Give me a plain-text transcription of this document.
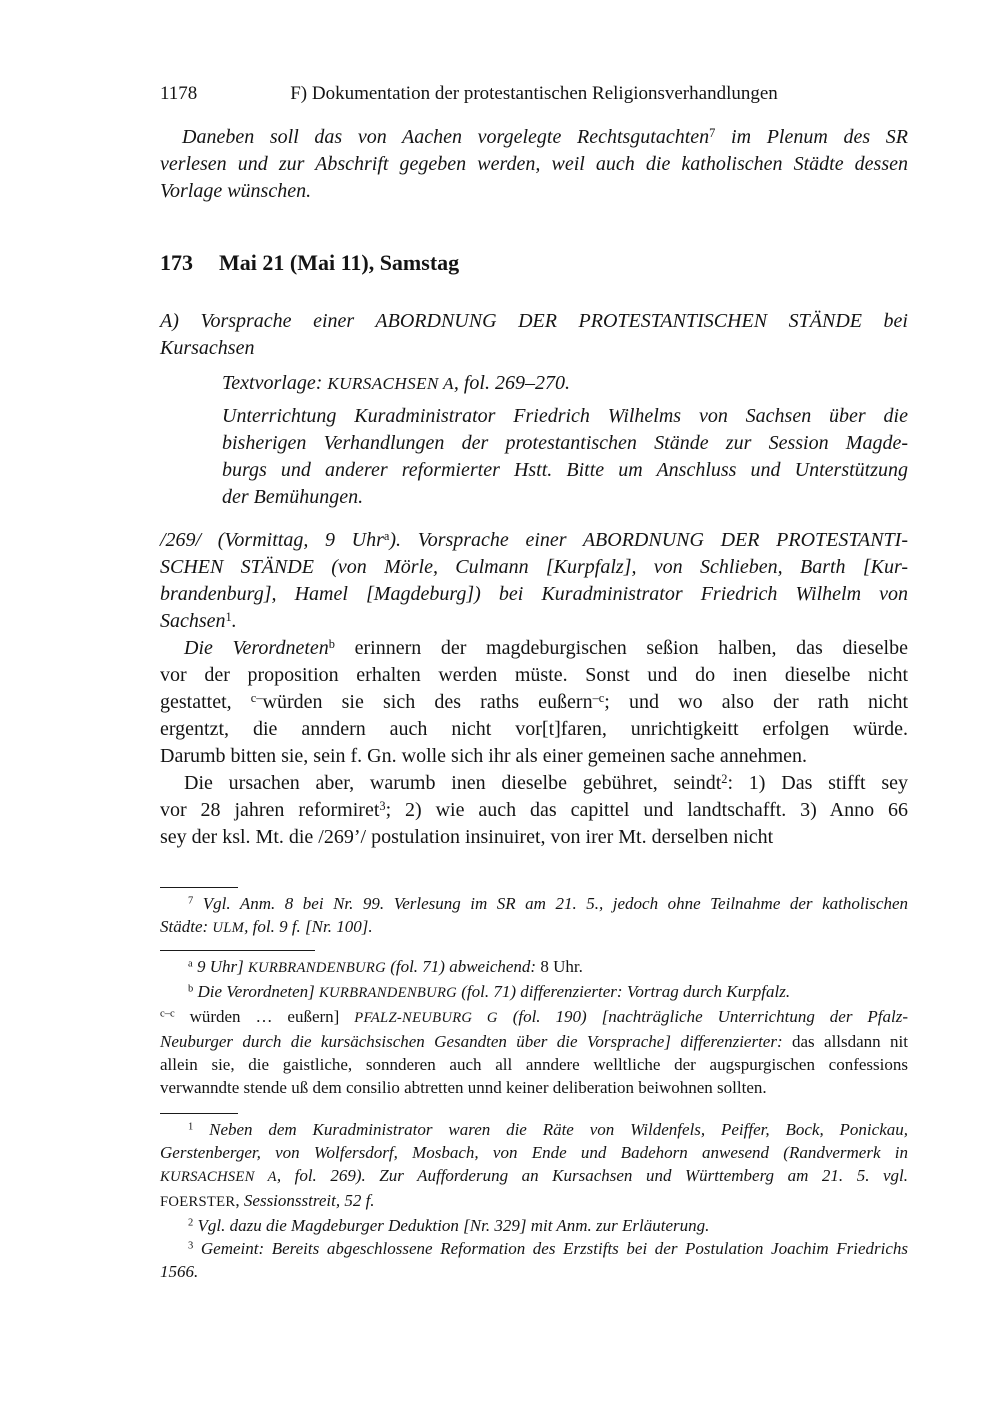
1178	F) Dokumentation der protestantischen Religionsverhandlungen
Daneben soll das von Aachen vorgelegte Rechtsgutachten$^7$ im Plenum des SR
verlesen und zur Abschrift gegeben werden, weil auch die katholischen Städte dessen
Vorlage wünschen.
173 Mai 21 (Mai 11), Samstag
A) Vorsprache einer ABORDNUNG DER PROTESTANTISCHEN STÄNDE bei
Kursachsen
Textvorlage: KURSACHSEN A, fol. 269–270.
Unterrichtung Kuradministrator Friedrich Wilhelms von Sachsen über die
bisherigen Verhandlungen der protestantischen Stände zur Session Magde-
burgs und anderer reformierter Hstt. Bitte um Anschluss und Unterstützung
der Bemühungen.
/269/ (Vormittag, 9 Uhr$^a$). Vorsprache einer ABORDNUNG DER PROTESTANTI-
SCHEN STÄNDE (von Mörle, Culmann [Kurpfalz], von Schlieben, Barth [Kur-
brandenburg], Hamel [Magdeburg]) bei Kuradministrator Friedrich Wilhelm von
Sachsen$^1$.
Die Verordneten$^b$ erinnern der magdeburgischen seßion halben, das dieselbe
vor der proposition erhalten werden müste. Sonst und do inen dieselbe nicht
gestattet, $^{c-}$würden sie sich des raths eußern$^{-c}$; und wo also der rath nicht
ergentzt, die anndern auch nicht vor[t]faren, unrichtigkeitt erfolgen würde.
Darumb bitten sie, sein f. Gn. wolle sich ihr als einer gemeinen sache annehmen.
Die ursachen aber, warumb inen dieselbe gebühret, seindt$^2$: 1) Das stifft sey
vor 28 jahren reformiret$^3$; 2) wie auch das capittel und landtschafft. 3) Anno 66
sey der ksl. Mt. die /269’/ postulation insinuiret, von irer Mt. derselben nicht
$^7$ Vgl. Anm. 8 bei Nr. 99. Verlesung im SR am 21. 5., jedoch ohne Teilnahme der katholischen
Städte: ULM, fol. 9 f. [Nr. 100].
$^a$ 9 Uhr] KURBRANDENBURG (fol. 71) abweichend: 8 Uhr.
$^b$ Die Verordneten] KURBRANDENBURG (fol. 71) differenzierter: Vortrag durch Kurpfalz.
$^{c-c}$ würden … eußern] PFALZ-NEUBURG G (fol. 190) [nachträgliche Unterrichtung der Pfalz-
Neuburger durch die kursächsischen Gesandten über die Vorsprache] differenzierter: das allsdann nit
allein sie, die gaistliche, sonnderen auch all anndere welltliche der augspurgischen confessions
verwanndte stende uß dem consilio abtretten unnd keiner deliberation beiwohnen sollten.
$^1$ Neben dem Kuradministrator waren die Räte von Wildenfels, Peiffer, Bock, Ponickau,
Gerstenberger, von Wolfersdorf, Mosbach, von Ende und Badehorn anwesend (Randvermerk in
KURSACHSEN A, fol. 269). Zur Aufforderung an Kursachsen und Württemberg am 21. 5. vgl.
FOERSTER, Sessionsstreit, 52 f.
$^2$ Vgl. dazu die Magdeburger Deduktion [Nr. 329] mit Anm. zur Erläuterung.
$^3$ Gemeint: Bereits abgeschlossene Reformation des Erzstifts bei der Postulation Joachim Friedrichs
1566.
